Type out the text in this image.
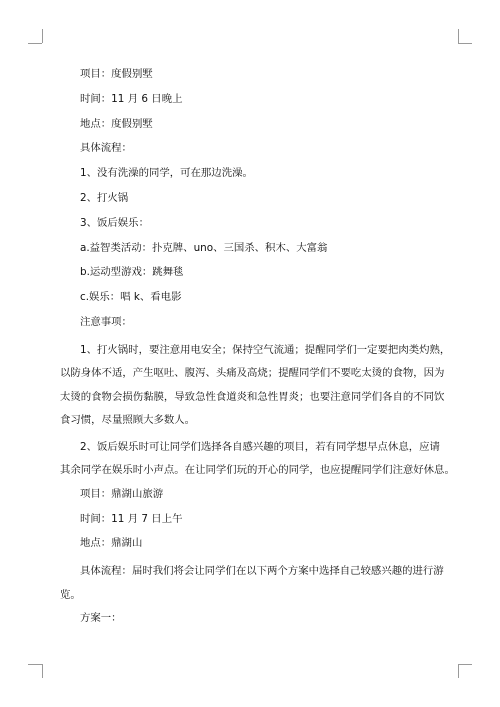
项目：度假别墅
时间：11 月 6 日晚上
地点：度假别墅
具体流程：
1、没有洗澡的同学，可在那边洗澡。
2、打火锅
3、饭后娱乐：
a.益智类活动：扑克牌、uno、三国杀、积木、大富翁
b.运动型游戏：跳舞毯
c.娱乐：唱 k、看电影
注意事项：
1、打火锅时，要注意用电安全；保持空气流通；提醒同学们一定要把肉类灼熟，
以防身体不适，产生呕吐、腹泻、头痛及高烧；提醒同学们不要吃太烫的食物，因为
太烫的食物会损伤黏膜，导致急性食道炎和急性胃炎；也要注意同学们各自的不同饮
食习惯，尽量照顾大多数人。
2、饭后娱乐时可让同学们选择各自感兴趣的项目，若有同学想早点休息，应请
其余同学在娱乐时小声点。在让同学们玩的开心的同学，也应提醒同学们注意好休息。
项目：鼎湖山旅游
时间：11 月 7 日上午
地点：鼎湖山
具体流程：届时我们将会让同学们在以下两个方案中选择自己较感兴趣的进行游
览。
方案一：
